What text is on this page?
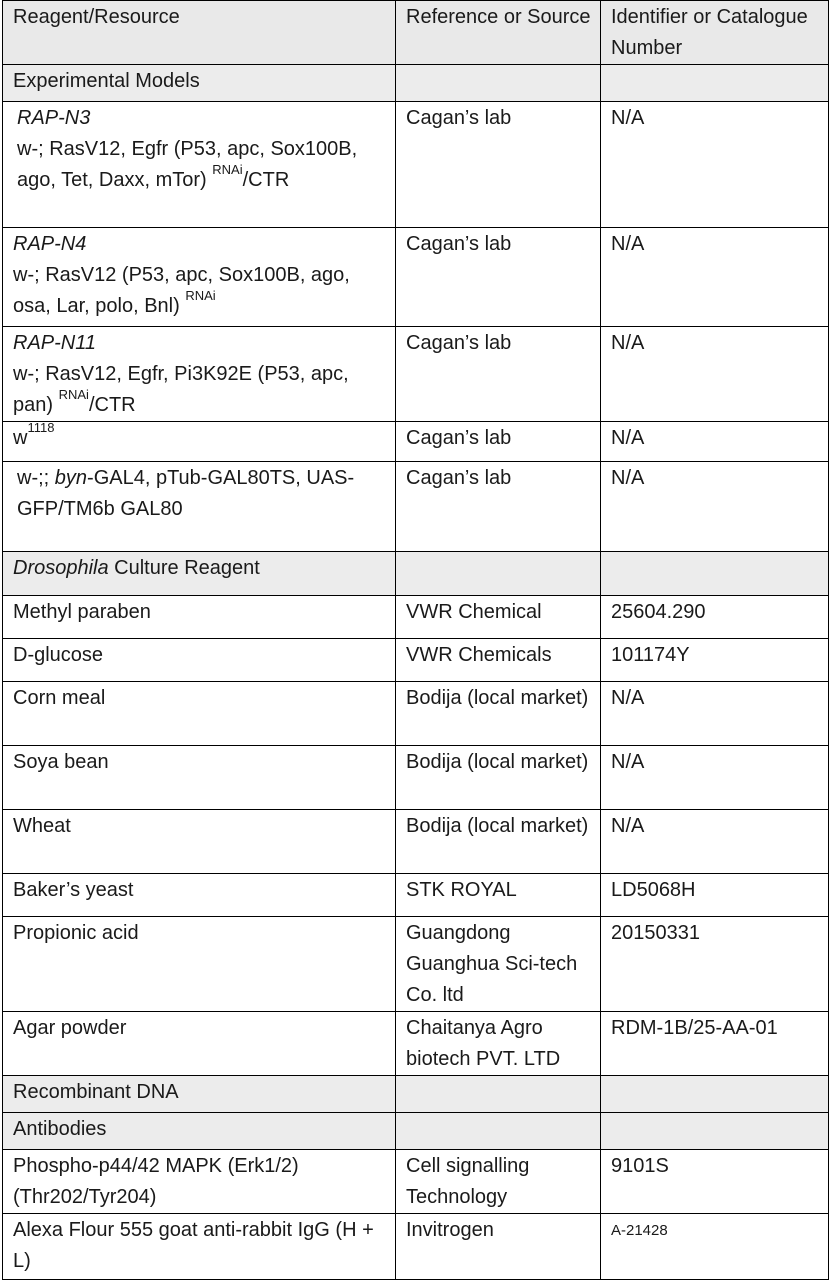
Reagent/Resource	Reference or Source	Identifier or Catalogue Number
Experimental Models		

RAP-N3
w-; RasV12, Egfr (P53, apc, Sox100B, ago, Tet, Daxx, mTor) $^{RNAi}$/CTR	Cagan’s lab	N/A

RAP-N4
w-; RasV12 (P53, apc, Sox100B, ago, osa, Lar, polo, Bnl) $^{RNAi}$	Cagan’s lab	N/A

RAP-N11
w-; RasV12, Egfr, Pi3K92E (P53, apc, pan) $^{RNAi}$/CTR	Cagan’s lab	N/A
$w^{1118}$	Cagan’s lab	N/A

w-;; byn-GAL4, pTub-GAL80TS, UAS-GFP/TM6b GAL80	Cagan’s lab	N/A
Drosophila Culture Reagent		
Methyl paraben	VWR Chemical	25604.290
D-glucose	VWR Chemicals	101174Y
Corn meal	Bodija (local market)	N/A
Soya bean	Bodija (local market)	N/A
Wheat	Bodija (local market)	N/A
Baker’s yeast	STK ROYAL	LD5068H
Propionic acid	Guangdong Guanghua Sci-tech Co. ltd	20150331
Agar powder	Chaitanya Agro biotech PVT. LTD	RDM-1B/25-AA-01
Recombinant DNA		
Antibodies		
Phospho-p44/42 MAPK (Erk1/2) (Thr202/Tyr204)	Cell signalling Technology	9101S
Alexa Flour 555 goat anti-rabbit IgG (H + L)	Invitrogen	A-21428
